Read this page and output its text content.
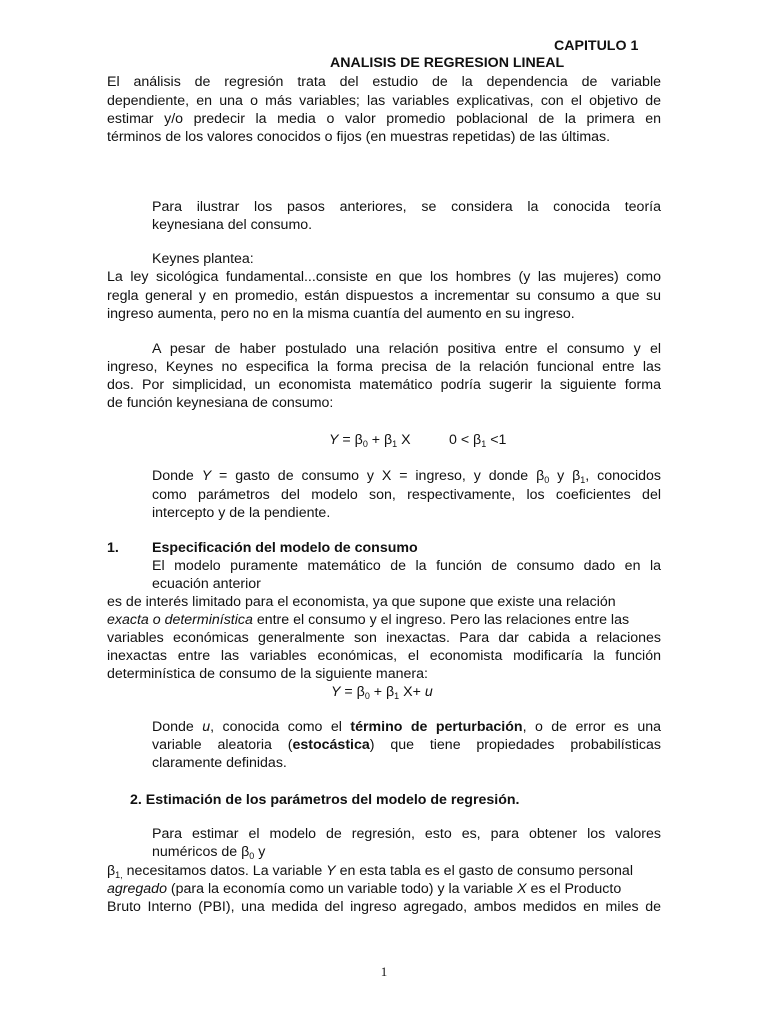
CAPITULO 1
ANALISIS DE REGRESION LINEAL
El análisis de regresión trata del estudio de la dependencia de variable
dependiente, en una o más variables; las variables explicativas, con el objetivo de
estimar y/o predecir la media o valor promedio poblacional de la primera en
términos de los valores conocidos o fijos (en muestras repetidas) de las últimas.
Para ilustrar los pasos anteriores, se considera la conocida teoría
keynesiana del consumo.
Keynes plantea:
La ley sicológica fundamental...consiste en que los hombres (y las mujeres) como
regla general y en promedio, están dispuestos a incrementar su consumo a que su
ingreso aumenta, pero no en la misma cuantía del aumento en su ingreso.
A pesar de haber postulado una relación positiva entre el consumo y el
ingreso, Keynes no especifica la forma precisa de la relación funcional entre las
dos. Por simplicidad, un economista matemático podría sugerir la siguiente forma
de función keynesiana de consumo:
$Y = \beta_0 + \beta_1$ X	$0 < \beta_1 <1$
Donde Y = gasto de consumo y X = ingreso, y donde $\beta_0$ y $\beta_1$, conocidos
como parámetros del modelo son, respectivamente, los coeficientes del
intercepto y de la pendiente.
1. Especificación del modelo de consumo
El modelo puramente matemático de la función de consumo dado en la
ecuación anterior
es de interés limitado para el economista, ya que supone que existe una relación
exacta o determinística entre el consumo y el ingreso. Pero las relaciones entre las
variables económicas generalmente son inexactas. Para dar cabida a relaciones
inexactas entre las variables económicas, el economista modificaría la función
determinística de consumo de la siguiente manera:
$Y = \beta_0 + \beta_1$ X+ u
Donde u, conocida como el término de perturbación, o de error es una
variable aleatoria (estocástica) que tiene propiedades probabilísticas
claramente definidas.
2. Estimación de los parámetros del modelo de regresión.
Para estimar el modelo de regresión, esto es, para obtener los valores
numéricos de $\beta_0$ y
$\beta_{1,}$ necesitamos datos. La variable Y en esta tabla es el gasto de consumo personal
agregado (para la economía como un variable todo) y la variable X es el Producto
Bruto Interno (PBI), una medida del ingreso agregado, ambos medidos en miles de
1
